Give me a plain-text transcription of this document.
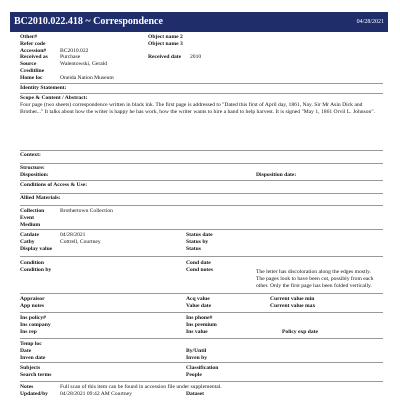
BC2010.022.418 ~ Correspondence	04/28/2021
Other#	Object name 2
Refer code	Object name 3
Accession# BC2010.022
Received as Purchase	Received date 2010
Source	Walentowski, Gerald
Creditline
Home loc	Oneida Nation Museum
Identity Statement:
Scope & Content / Abstract:
Four page (two sheets) correspondence written in black ink. The first page is addressed to "Dated this first of April day, 1861, Nay. Sir Mr Asin Dick and Brother..." It talks about how the writer is happy he has work, how the writer wants to hire a hand to help harvest. It is signed "May 1, 1861 Orvil L. Johnson".
Context:
Structure:
Disposition:	Disposition date:
Conditions of Access & Use:
Allied Materials:
Collection	Brothertown Collection
Event
Medium
Catdate	04/28/2021	Status date
Catby	Cottrell, Courtney	Status by
Display value	Status
Condition	Cond date
Condition by	Cond notes	The letter has discoloration along the edges mostly. The pages look to have been cut, possibly from each other. Only the first page has been folded vertically.
Appraisor	Acq value	Current value min
App notes	Value date	Current value max
Ins policy#	Ins phone#
Ins company	Ins premium
Ins rep	Ins value	Policy exp date
Temp loc
Date	By/Until
Inven date	Inven by
Subjects	Classification
Search terms	People
Notes	Full scan of this item can be found in accession file under supplemental.
Updated/by 04/28/2021 09:42 AM Courtney	Dataset
